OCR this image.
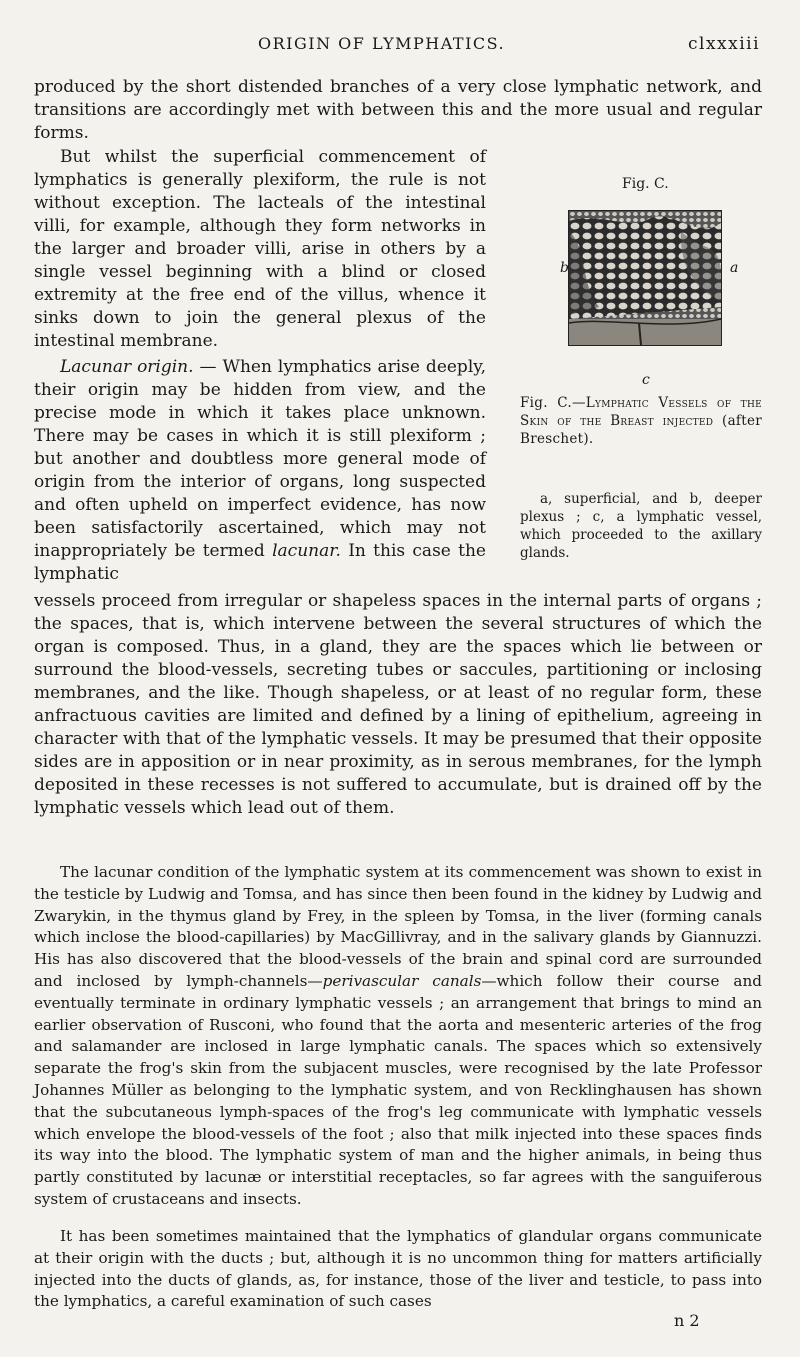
ORIGIN OF LYMPHATICS.	clxxxiii

produced by the short distended branches of a very close lymphatic network, and transitions are accordingly met with between this and the more usual and regular forms.

But whilst the superficial commencement of lymphatics is generally plexiform, the rule is not without exception. The lacteals of the intestinal villi, for example, although they form networks in the larger and broader villi, arise in others by a single vessel beginning with a blind or closed extremity at the free end of the villus, whence it sinks down to join the general plexus of the intestinal membrane.

Lacunar origin. — When lymphatics arise deeply, their origin may be hidden from view, and the precise mode in which it takes place unknown. There may be cases in which it is still plexiform ; but another and doubtless more general mode of origin from the interior of organs, long suspected and often upheld on imperfect evidence, has now been satisfactorily ascertained, which may not inappropriately be termed lacunar. In this case the lymphatic

vessels proceed from irregular or shapeless spaces in the internal parts of organs ; the spaces, that is, which intervene between the several structures of which the organ is composed. Thus, in a gland, they are the spaces which lie between or surround the blood-vessels, secreting tubes or saccules, partitioning or inclosing membranes, and the like. Though shapeless, or at least of no regular form, these anfractuous cavities are limited and defined by a lining of epithelium, agreeing in character with that of the lymphatic vessels. It may be presumed that their opposite sides are in apposition or in near proximity, as in serous membranes, for the lymph deposited in these recesses is not suffered to accumulate, but is drained off by the lymphatic vessels which lead out of them.

The lacunar condition of the lymphatic system at its commencement was shown to exist in the testicle by Ludwig and Tomsa, and has since then been found in the kidney by Ludwig and Zwarykin, in the thymus gland by Frey, in the spleen by Tomsa, in the liver (forming canals which inclose the blood-capillaries) by MacGillivray, and in the salivary glands by Giannuzzi. His has also discovered that the blood-vessels of the brain and spinal cord are surrounded and inclosed by lymph-channels—perivascular canals—which follow their course and eventually terminate in ordinary lymphatic vessels ; an arrangement that brings to mind an earlier observation of Rusconi, who found that the aorta and mesenteric arteries of the frog and salamander are inclosed in large lymphatic canals. The spaces which so extensively separate the frog's skin from the subjacent muscles, were recognised by the late Professor Johannes Müller as belonging to the lymphatic system, and von Recklinghausen has shown that the subcutaneous lymph-spaces of the frog's leg communicate with lymphatic vessels which envelope the blood-vessels of the foot ; also that milk injected into these spaces finds its way into the blood. The lymphatic system of man and the higher animals, in being thus partly constituted by lacunæ or interstitial receptacles, so far agrees with the sanguiferous system of crustaceans and insects.

It has been sometimes maintained that the lymphatics of glandular organs communicate at their origin with the ducts ; but, although it is no uncommon thing for matters artificially injected into the ducts of glands, as, for instance, those of the liver and testicle, to pass into the lymphatics, a careful examination of such cases

Fig. C.
b	a
c
Fig. C.—Lymphatic Vessels of the Skin of the Breast injected (after Breschet).
a, superficial, and b, deeper plexus ; c, a lymphatic vessel, which proceeded to the axillary glands.
n 2
